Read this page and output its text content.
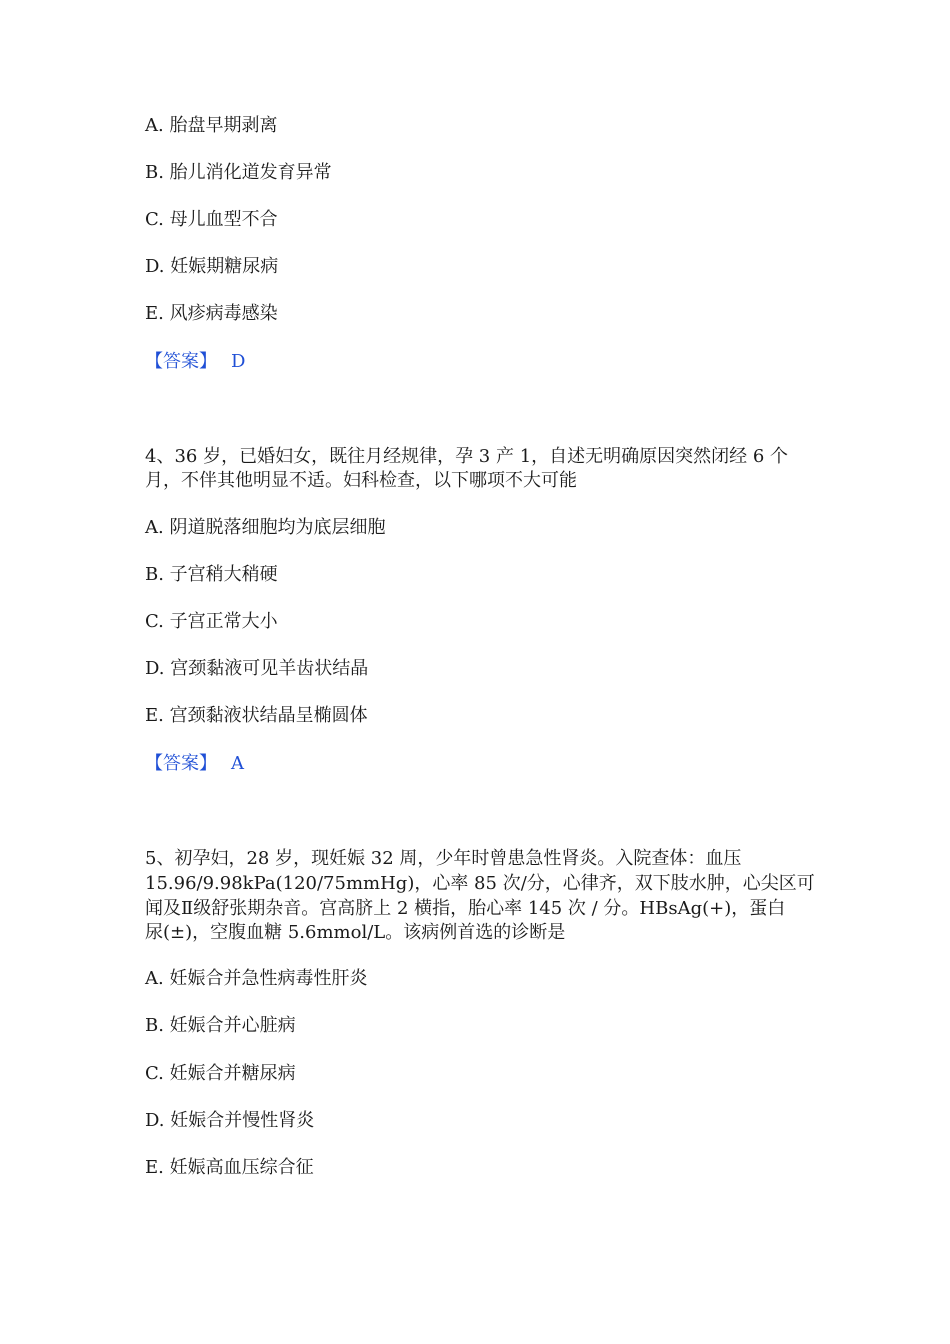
A. 胎盘早期剥离
B. 胎儿消化道发育异常
C. 母儿血型不合
D. 妊娠期糖尿病
E. 风疹病毒感染
【答案】 D
4、36 岁，已婚妇女，既往月经规律，孕 3 产 1，自述无明确原因突然闭经 6 个
月，不伴其他明显不适。妇科检查，以下哪项不大可能
A. 阴道脱落细胞均为底层细胞
B. 子宫稍大稍硬
C. 子宫正常大小
D. 宫颈黏液可见羊齿状结晶
E. 宫颈黏液状结晶呈椭圆体
【答案】 A
5、初孕妇，28 岁，现妊娠 32 周，少年时曾患急性肾炎。入院查体：血压
15.96/9.98kPa(120/75mmHg)，心率 85 次/分，心律齐，双下肢水肿，心尖区可
闻及Ⅱ级舒张期杂音。宫高脐上 2 横指，胎心率 145 次 / 分。HBsAg(+)，蛋白
尿(±)，空腹血糖 5.6mmol/L。该病例首选的诊断是
A. 妊娠合并急性病毒性肝炎
B. 妊娠合并心脏病
C. 妊娠合并糖尿病
D. 妊娠合并慢性肾炎
E. 妊娠高血压综合征
